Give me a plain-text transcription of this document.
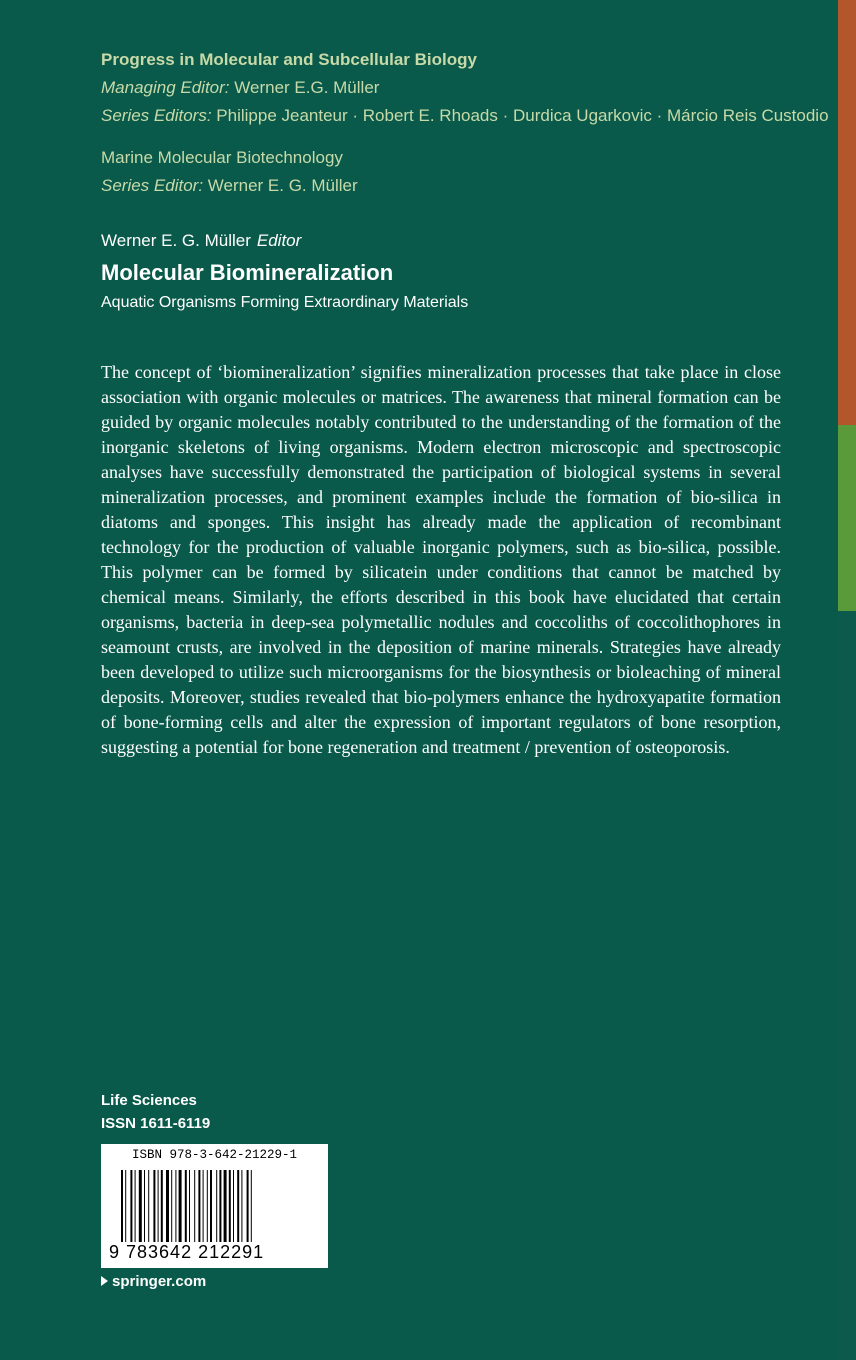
Progress in Molecular and Subcellular Biology
Managing Editor: Werner E.G. Müller
Series Editors: Philippe Jeanteur · Robert E. Rhoads · Durdica Ugarkovic · Márcio Reis Custodio
Marine Molecular Biotechnology
Series Editor: Werner E. G. Müller
Werner E. G. Müller Editor
Molecular Biomineralization
Aquatic Organisms Forming Extraordinary Materials

The concept of ‘biomineralization’ signifies mineralization processes that take place in close association with organic molecules or matrices. The awareness that mineral formation can be guided by organic molecules notably contributed to the understanding of the formation of the inorganic skeletons of living organisms. Modern electron microscopic and spectroscopic analyses have successfully demonstrated the participation of biological systems in several mineralization processes, and prominent examples include the formation of bio-silica in diatoms and sponges. This insight has already made the application of recombinant technology for the production of valuable inorganic polymers, such as bio-silica, possible. This polymer can be formed by silicatein under conditions that cannot be matched by chemical means. Similarly, the efforts described in this book have elucidated that certain organisms, bacteria in deep-sea polymetallic nodules and coccoliths of coccolithophores in seamount crusts, are involved in the deposition of marine minerals. Strategies have already been developed to utilize such microorganisms for the biosynthesis or bioleaching of mineral deposits. Moreover, studies revealed that bio-polymers enhance the hydroxyapatite formation of bone-forming cells and alter the expression of important regulators of bone resorption, suggesting a potential for bone regeneration and treatment / prevention of osteoporosis.

Life Sciences
ISSN 1611-6119
ISBN 978-3-642-21229-1
9 783642 212291
springer.com
